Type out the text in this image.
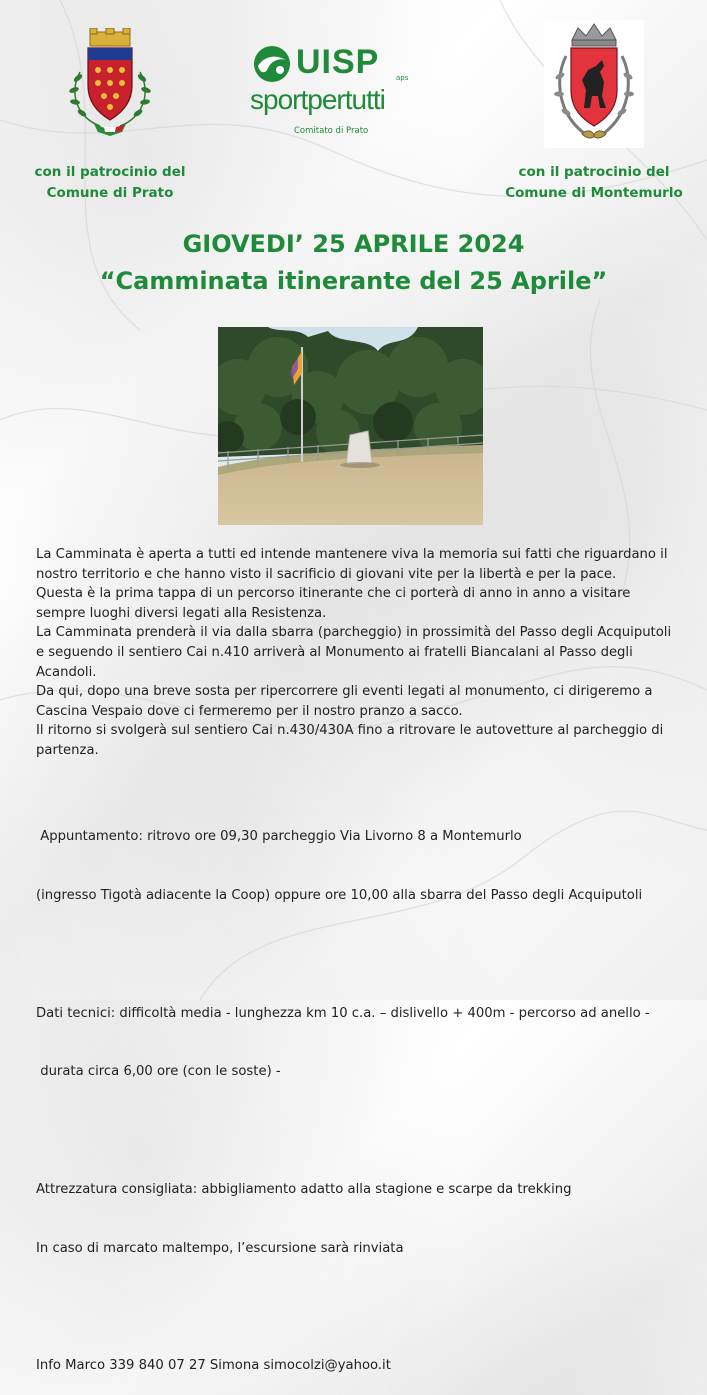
UISP aps
sportpertutti
Comitato di Prato
con il patrocinio del
Comune di Prato
con il patrocinio del
Comune di Montemurlo
GIOVEDI’ 25 APRILE 2024
“Camminata itinerante del 25 Aprile”

La Camminata è aperta a tutti ed intende mantenere viva la memoria sui fatti che riguardano il nostro territorio e che hanno visto il sacrificio di giovani vite per la libertà e per la pace.

Questa è la prima tappa di un percorso itinerante che ci porterà di anno in anno a visitare sempre luoghi diversi legati alla Resistenza.

La Camminata prenderà il via dalla sbarra (parcheggio) in prossimità del Passo degli Acquiputoli e seguendo il sentiero Cai n.410 arriverà al Monumento ai fratelli Biancalani al Passo degli Acandoli.

Da qui, dopo una breve sosta per ripercorrere gli eventi legati al monumento, ci dirigeremo a Cascina Vespaio dove ci fermeremo per il nostro pranzo a sacco.

Il ritorno si svolgerà sul sentiero Cai n.430/430A fino a ritrovare le autovetture al parcheggio di partenza.

Appuntamento: ritrovo ore 09,30 parcheggio Via Livorno 8 a Montemurlo

(ingresso Tigotà adiacente la Coop) oppure ore 10,00 alla sbarra del Passo degli Acquiputoli

Dati tecnici: difficoltà media - lunghezza km 10 c.a. – dislivello + 400m - percorso ad anello -

durata circa 6,00 ore (con le soste) -

Attrezzatura consigliata: abbigliamento adatto alla stagione e scarpe da trekking

In caso di marcato maltempo, l’escursione sarà rinviata

Info Marco 339 840 07 27 Simona simocolzi@yahoo.it
